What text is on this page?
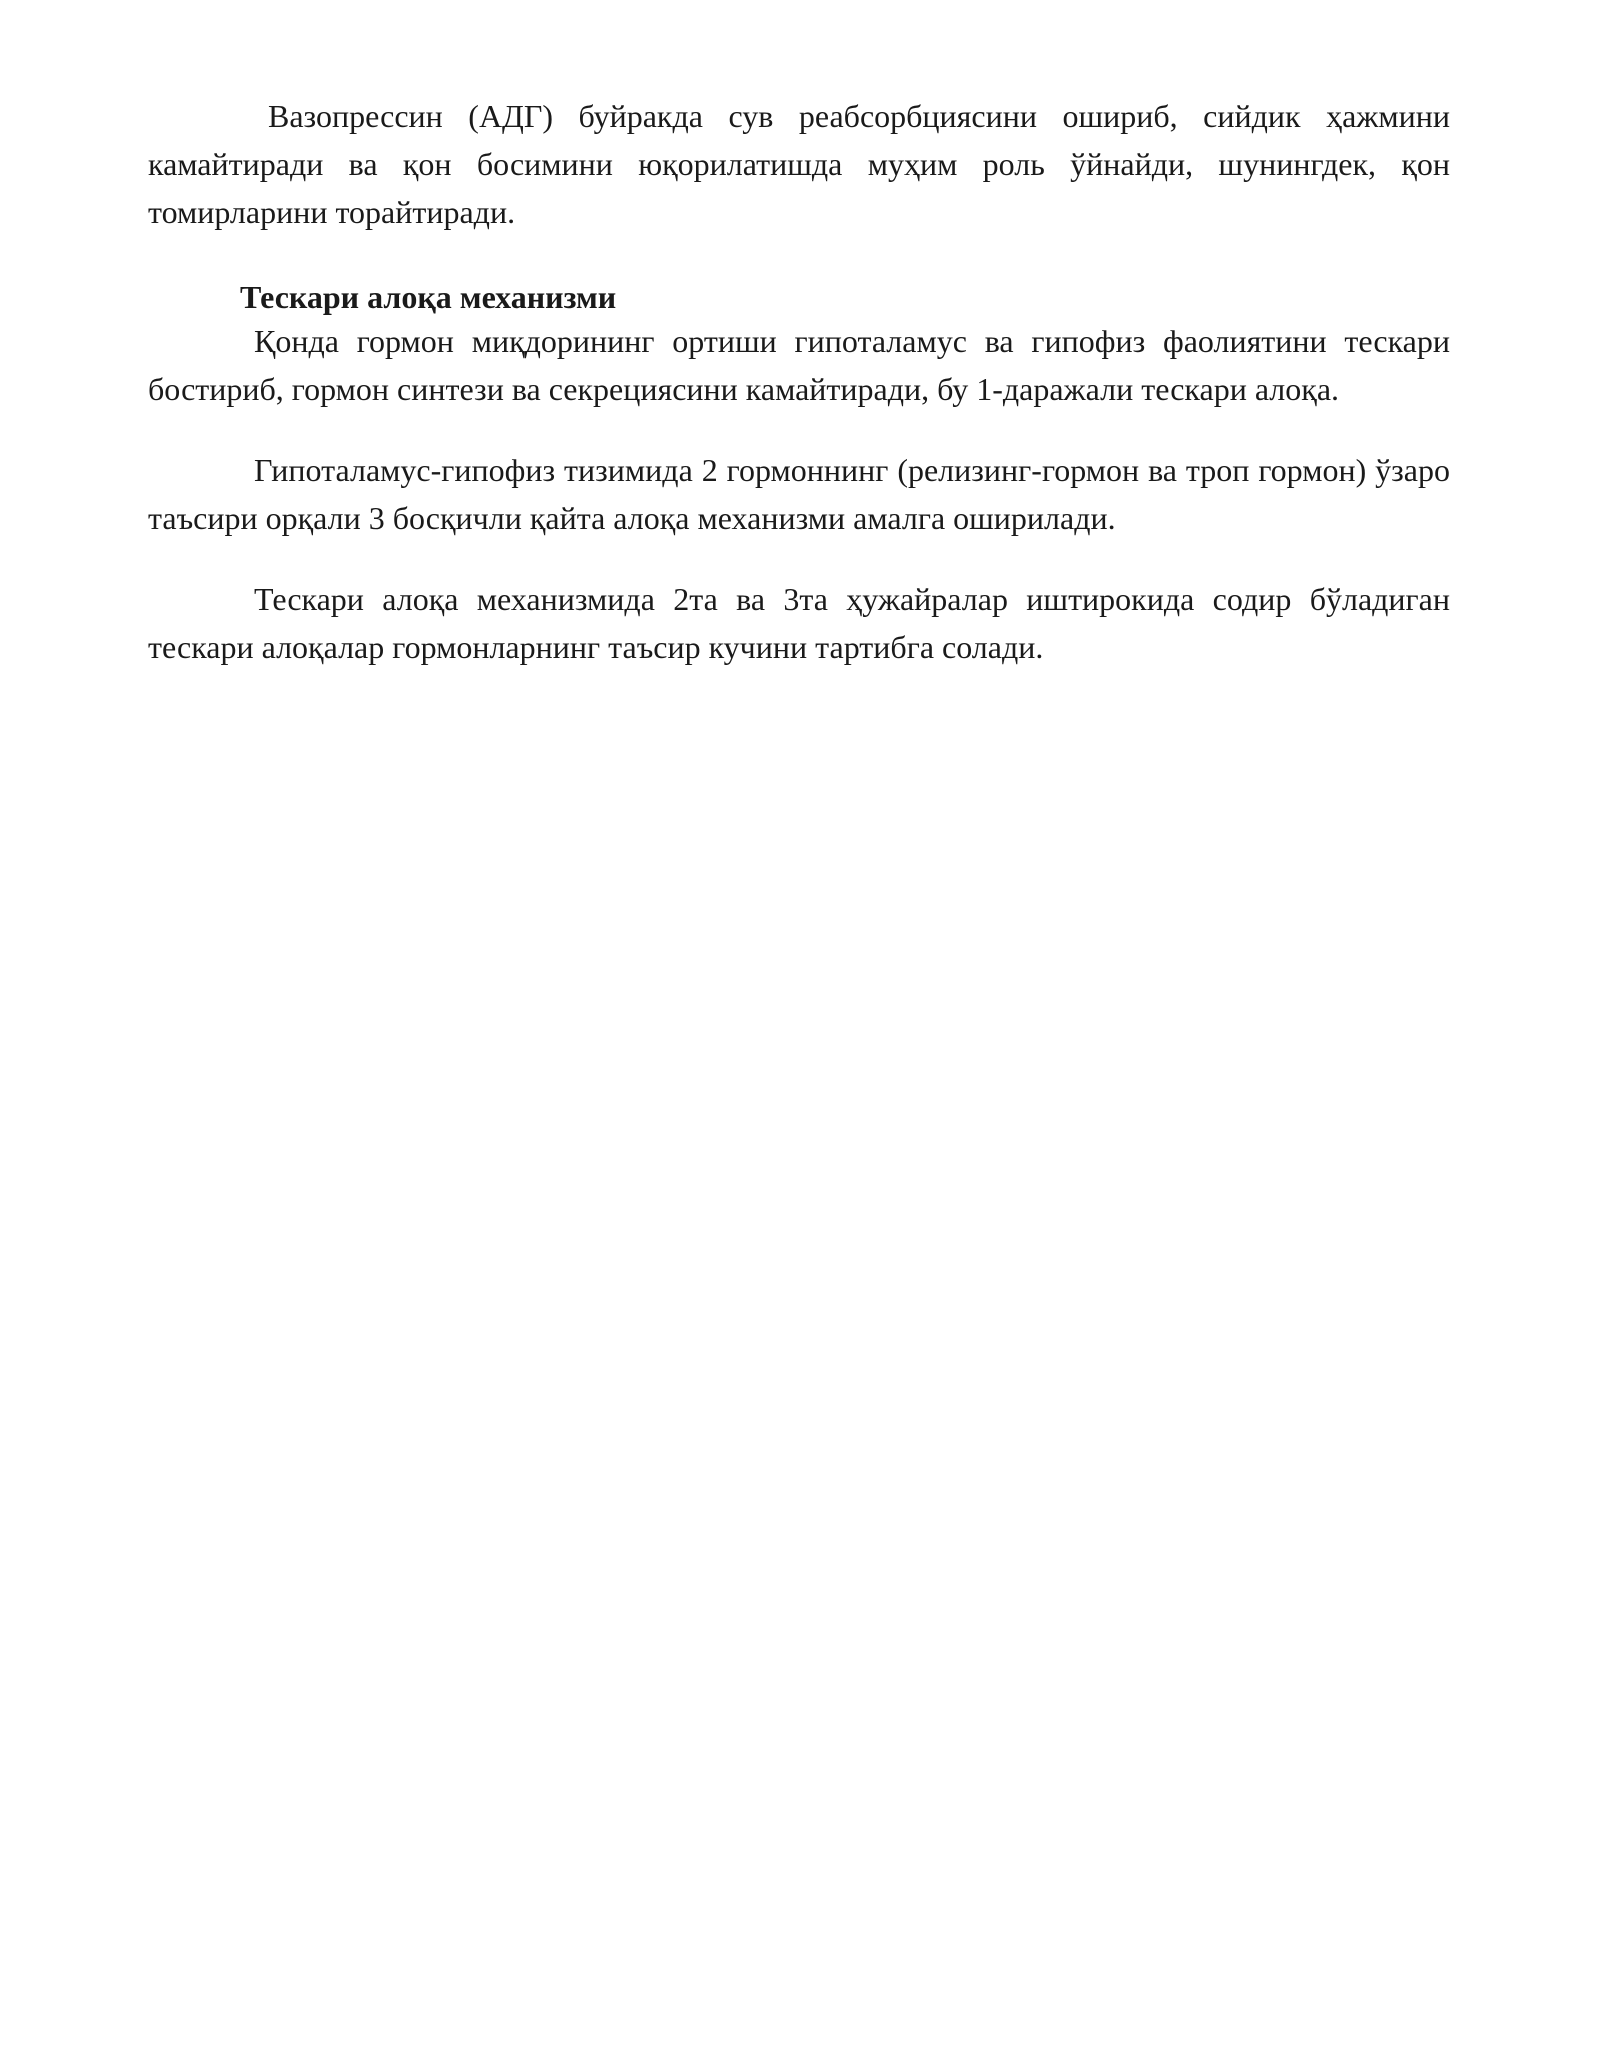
Вазопрессин (АДГ) буйракда сув реабсорбциясини ошириб, сийдик ҳажмини камайтиради ва қон босимини юқорилатишда муҳим роль ўйнайди, шунингдек, қон томирларини торайтиради.

Тескари алоқа механизми

Қонда гормон миқдорининг ортиши гипоталамус ва гипофиз фаолиятини тескари бостириб, гормон синтези ва секрециясини камайтиради, бу 1-даражали тескари алоқа.

Гипоталамус-гипофиз тизимида 2 гормоннинг (релизинг-гормон ва троп гормон) ўзаро таъсири орқали 3 босқичли қайта алоқа механизми амалга оширилади.

Тескари алоқа механизмида 2та ва 3та ҳужайралар иштирокида содир бўладиган тескари алоқалар гормонларнинг таъсир кучини тартибга солади.
